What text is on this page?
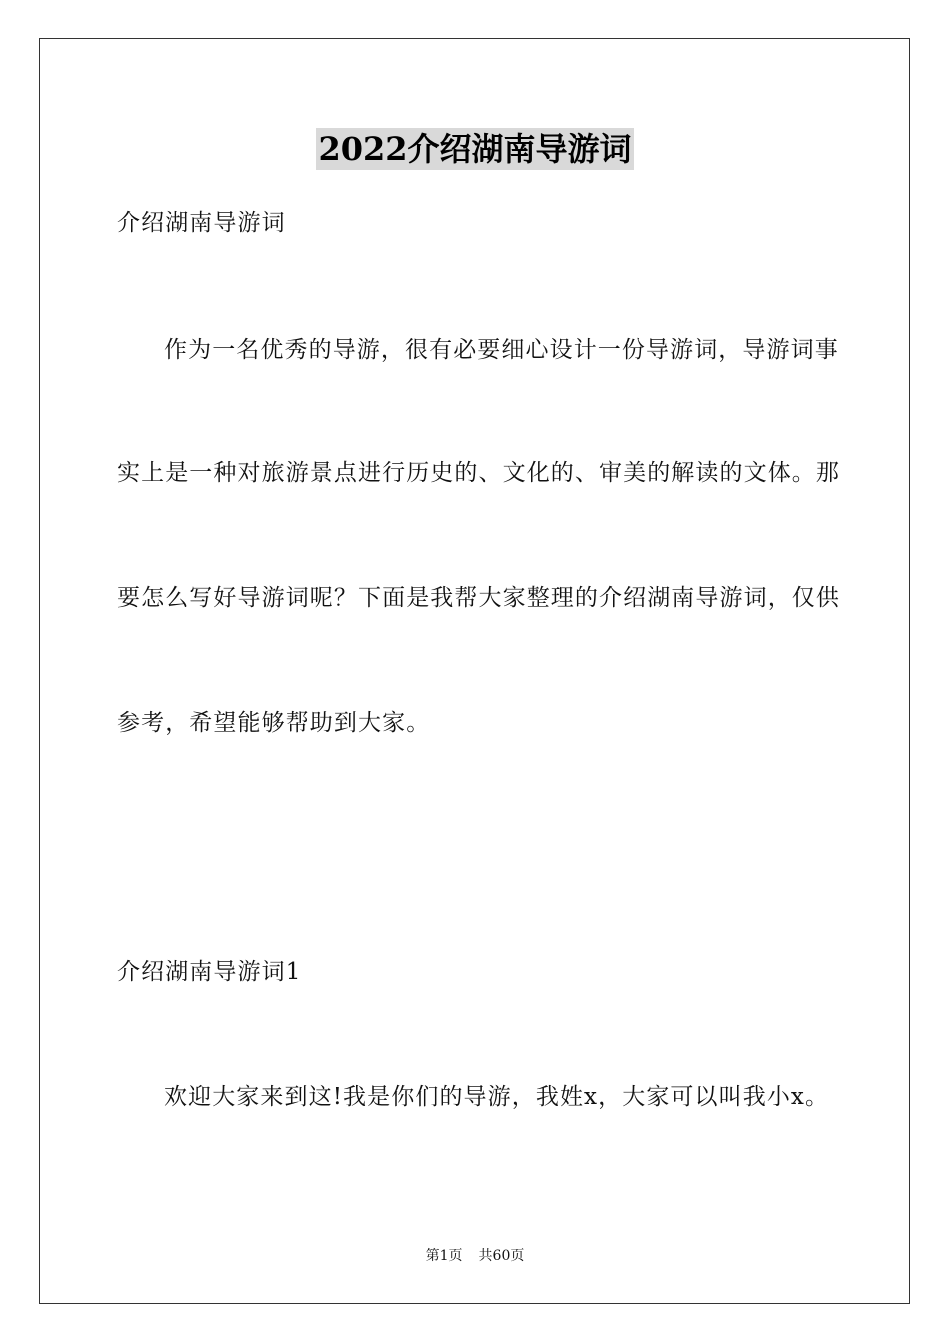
2022介绍湖南导游词
介绍湖南导游词
作为一名优秀的导游，很有必要细心设计一份导游词，导游词事
实上是一种对旅游景点进行历史的、文化的、审美的解读的文体。那
要怎么写好导游词呢？下面是我帮大家整理的介绍湖南导游词，仅供
参考，希望能够帮助到大家。
介绍湖南导游词1
欢迎大家来到这!我是你们的导游，我姓x，大家可以叫我小x。
第1页 共60页
